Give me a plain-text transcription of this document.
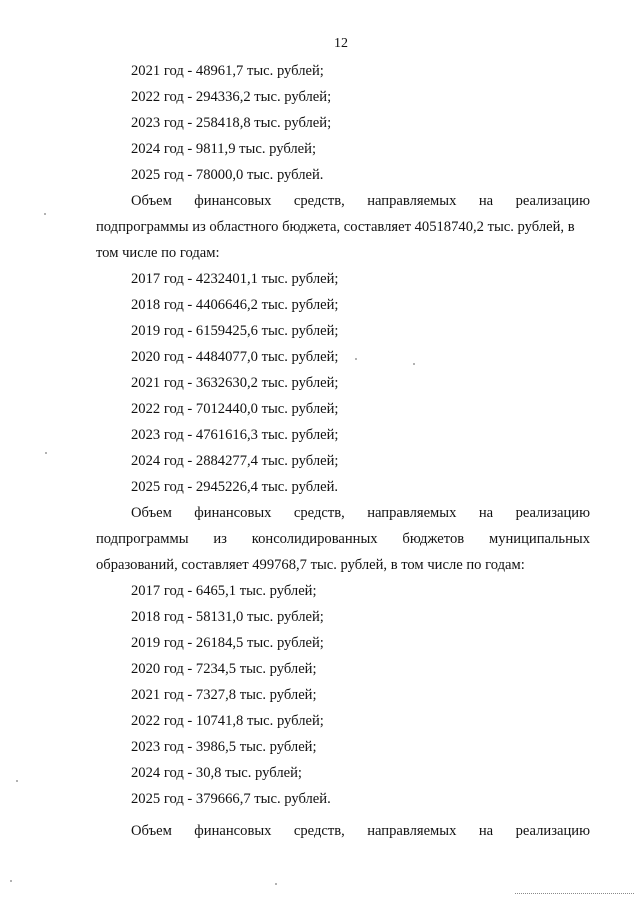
12
2021 год - 48961,7 тыс. рублей;
2022 год - 294336,2 тыс. рублей;
2023 год - 258418,8 тыс. рублей;
2024 год - 9811,9 тыс. рублей;
2025 год - 78000,0 тыс. рублей.
Объем финансовых средств, направляемых на реализацию
подпрограммы из областного бюджета, составляет 40518740,2 тыс. рублей, в
том числе по годам:
2017 год - 4232401,1 тыс. рублей;
2018 год - 4406646,2 тыс. рублей;
2019 год - 6159425,6 тыс. рублей;
2020 год - 4484077,0 тыс. рублей;
2021 год - 3632630,2 тыс. рублей;
2022 год - 7012440,0 тыс. рублей;
2023 год - 4761616,3 тыс. рублей;
2024 год - 2884277,4 тыс. рублей;
2025 год - 2945226,4 тыс. рублей.
Объем финансовых средств, направляемых на реализацию
подпрограммы из консолидированных бюджетов муниципальных
образований, составляет 499768,7 тыс. рублей, в том числе по годам:
2017 год - 6465,1 тыс. рублей;
2018 год - 58131,0 тыс. рублей;
2019 год - 26184,5 тыс. рублей;
2020 год - 7234,5 тыс. рублей;
2021 год - 7327,8 тыс. рублей;
2022 год - 10741,8 тыс. рублей;
2023 год - 3986,5 тыс. рублей;
2024 год - 30,8 тыс. рублей;
2025 год - 379666,7 тыс. рублей.
Объем финансовых средств, направляемых на реализацию
